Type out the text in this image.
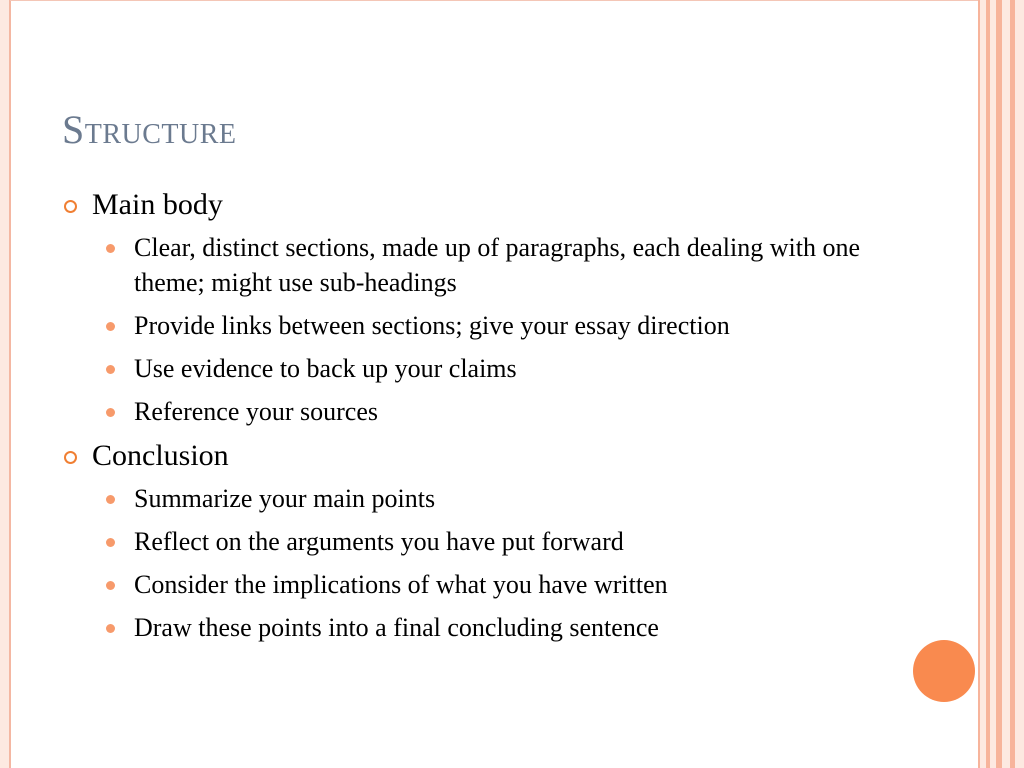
Structure
Main body
Clear, distinct sections, made up of paragraphs, each dealing with one theme; might use sub-headings
Provide links between sections; give your essay direction
Use evidence to back up your claims
Reference your sources
Conclusion
Summarize your main points
Reflect on the arguments you have put forward
Consider the implications of what you have written
Draw these points into a final concluding sentence
